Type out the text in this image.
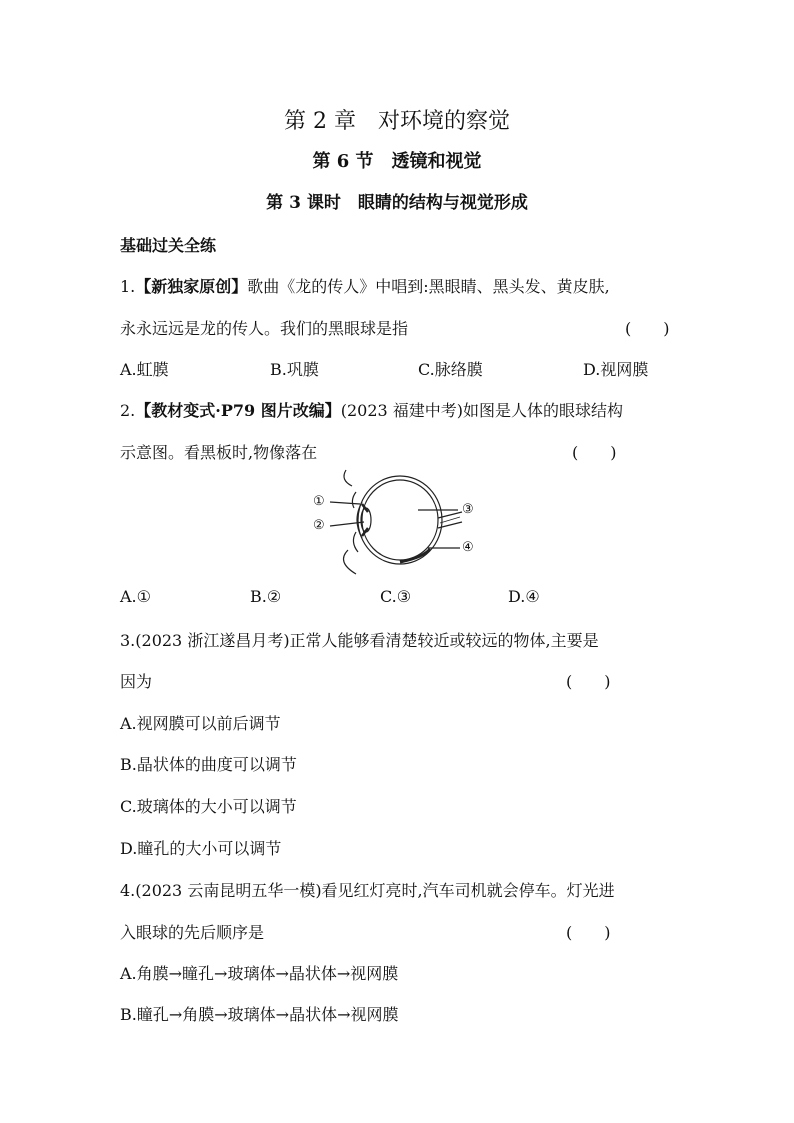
第 2 章　对环境的察觉
第 6 节　透镜和视觉
第 3 课时　眼睛的结构与视觉形成
基础过关全练
1.【新独家原创】歌曲《龙的传人》中唱到:黑眼睛、黑头发、黄皮肤,
永永远远是龙的传人。我们的黑眼球是指	(　　)
A.虹膜	B.巩膜	C.脉络膜	D.视网膜
2.【教材变式·P79 图片改编】(2023 福建中考)如图是人体的眼球结构
示意图。看黑板时,物像落在	(　　)
①
②
③
④
A.①	B.②	C.③	D.④
3.(2023 浙江遂昌月考)正常人能够看清楚较近或较远的物体,主要是
因为	(　　)
A.视网膜可以前后调节
B.晶状体的曲度可以调节
C.玻璃体的大小可以调节
D.瞳孔的大小可以调节
4.(2023 云南昆明五华一模)看见红灯亮时,汽车司机就会停车。灯光进
入眼球的先后顺序是	(　　)
A.角膜→瞳孔→玻璃体→晶状体→视网膜
B.瞳孔→角膜→玻璃体→晶状体→视网膜
